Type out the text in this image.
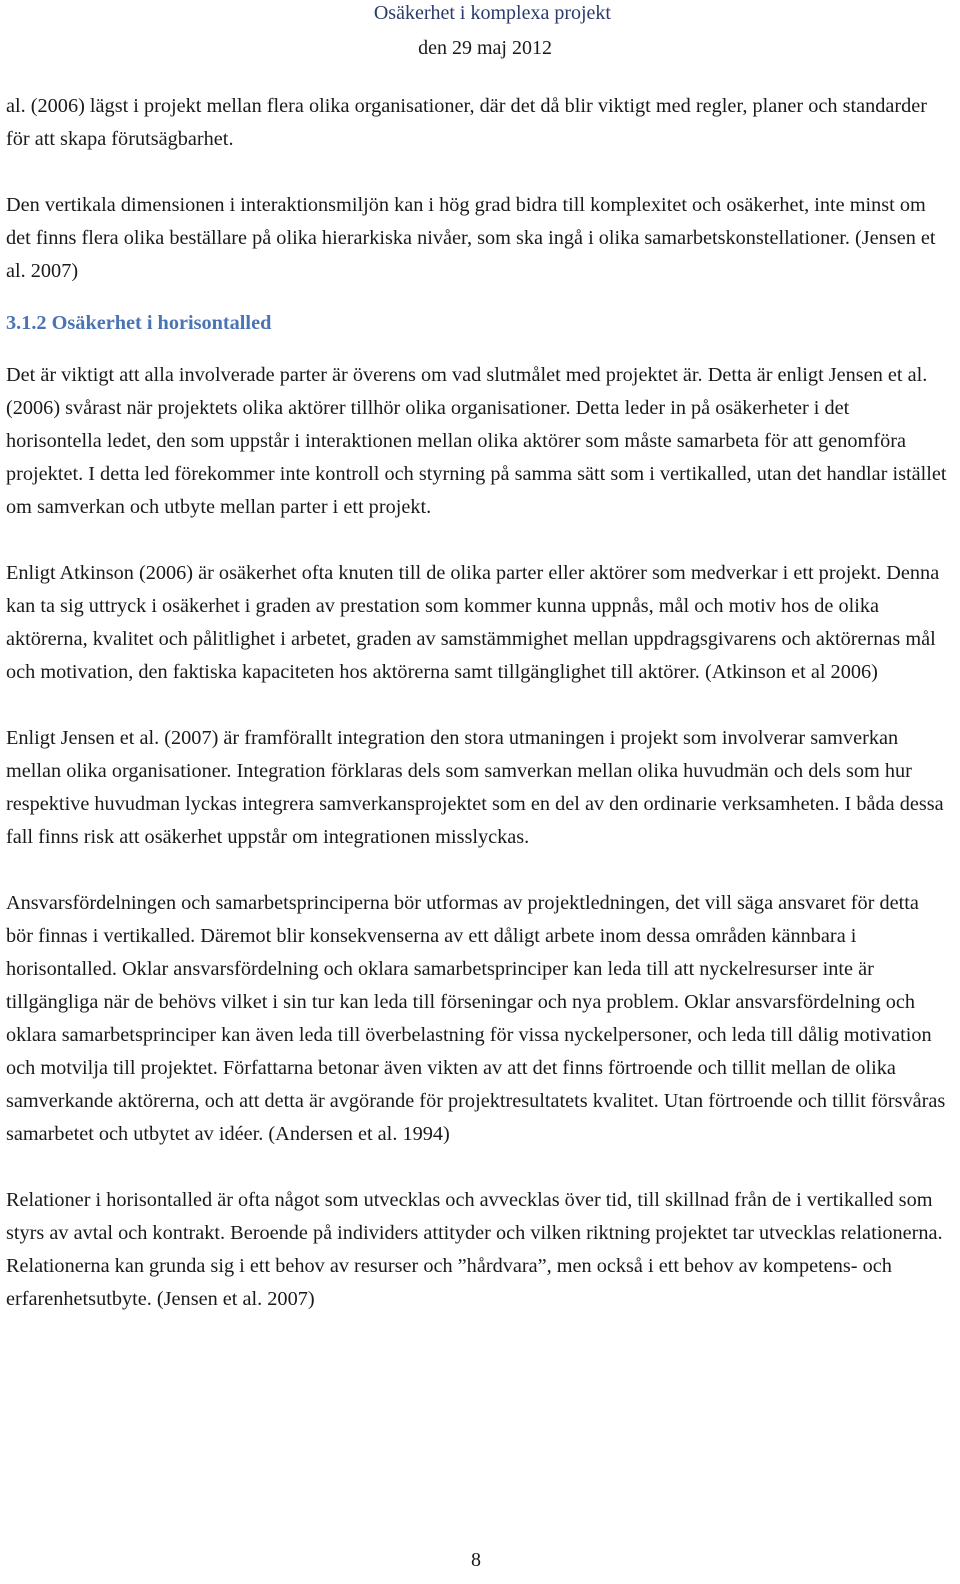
Osäkerhet i komplexa projekt
den 29 maj 2012

al. (2006) lägst i projekt mellan flera olika organisationer, där det då blir viktigt med regler, planer och standarder för att skapa förutsägbarhet.

Den vertikala dimensionen i interaktionsmiljön kan i hög grad bidra till komplexitet och osäkerhet, inte minst om det finns flera olika beställare på olika hierarkiska nivåer, som ska ingå i olika samarbetskonstellationer. (Jensen et al. 2007)

3.1.2 Osäkerhet i horisontalled

Det är viktigt att alla involverade parter är överens om vad slutmålet med projektet är. Detta är enligt Jensen et al.(2006) svårast när projektets olika aktörer tillhör olika organisationer. Detta leder in på osäkerheter i det horisontella ledet, den som uppstår i interaktionen mellan olika aktörer som måste samarbeta för att genomföra projektet. I detta led förekommer inte kontroll och styrning på samma sätt som i vertikalled, utan det handlar istället om samverkan och utbyte mellan parter i ett projekt.

Enligt Atkinson (2006) är osäkerhet ofta knuten till de olika parter eller aktörer som medverkar i ett projekt. Denna kan ta sig uttryck i osäkerhet i graden av prestation som kommer kunna uppnås, mål och motiv hos de olika aktörerna, kvalitet och pålitlighet i arbetet, graden av samstämmighet mellan uppdragsgivarens och aktörernas mål och motivation, den faktiska kapaciteten hos aktörerna samt tillgänglighet till aktörer. (Atkinson et al 2006)

Enligt Jensen et al. (2007) är framförallt integration den stora utmaningen i projekt som involverar samverkan mellan olika organisationer. Integration förklaras dels som samverkan mellan olika huvudmän och dels som hur respektive huvudman lyckas integrera samverkansprojektet som en del av den ordinarie verksamheten. I båda dessa fall finns risk att osäkerhet uppstår om integrationen misslyckas.

Ansvarsfördelningen och samarbetsprinciperna bör utformas av projektledningen, det vill säga ansvaret för detta bör finnas i vertikalled. Däremot blir konsekvenserna av ett dåligt arbete inom dessa områden kännbara i horisontalled. Oklar ansvarsfördelning och oklara samarbetsprinciper kan leda till att nyckelresurser inte är tillgängliga när de behövs vilket i sin tur kan leda till förseningar och nya problem. Oklar ansvarsfördelning och oklara samarbetsprinciper kan även leda till överbelastning för vissa nyckelpersoner, och leda till dålig motivation och motvilja till projektet. Författarna betonar även vikten av att det finns förtroende och tillit mellan de olika samverkande aktörerna, och att detta är avgörande för projektresultatets kvalitet. Utan förtroende och tillit försvåras samarbetet och utbytet av idéer. (Andersen et al. 1994)

Relationer i horisontalled är ofta något som utvecklas och avvecklas över tid, till skillnad från de i vertikalled som styrs av avtal och kontrakt. Beroende på individers attityder och vilken riktning projektet tar utvecklas relationerna. Relationerna kan grunda sig i ett behov av resurser och ”hårdvara”, men också i ett behov av kompetens- och erfarenhetsutbyte. (Jensen et al. 2007)

8
